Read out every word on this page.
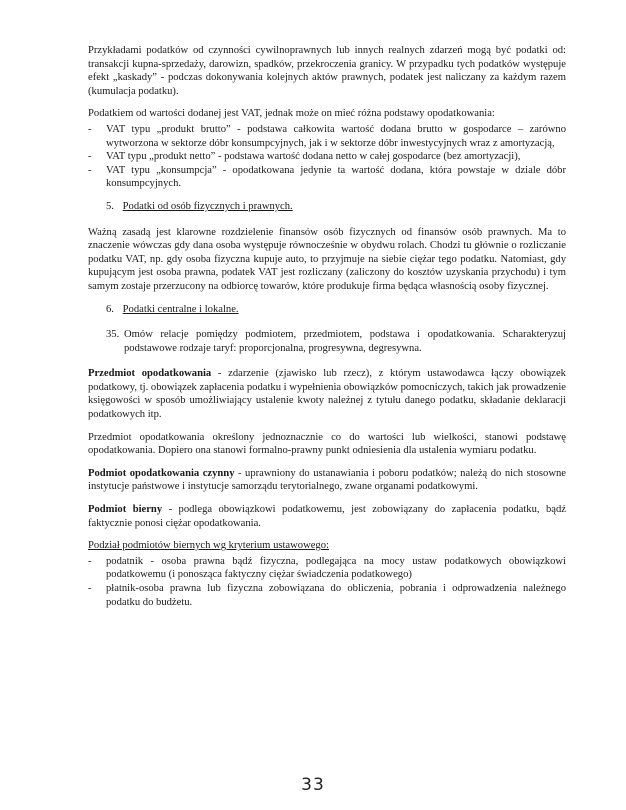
Przykładami podatków od czynności cywilnoprawnych lub innych realnych zdarzeń mogą być podatki od: transakcji kupna-sprzedaży, darowizn, spadków, przekroczenia granicy. W przypadku tych podatków występuje efekt „kaskady” - podczas dokonywania kolejnych aktów prawnych, podatek jest naliczany za każdym razem (kumulacja podatku).

Podatkiem od wartości dodanej jest VAT, jednak może on mieć różna podstawy opodatkowania:

- VAT typu „produkt brutto” - podstawa całkowita wartość dodana brutto w gospodarce – zarówno wytworzona w sektorze dóbr konsumpcyjnych, jak i w sektorze dóbr inwestycyjnych wraz z amortyzacją,
- VAT typu „produkt netto” - podstawa wartość dodana netto w całej gospodarce (bez amortyzacji),
- VAT typu „konsumpcja” - opodatkowana jedynie ta wartość dodana, która powstaje w dziale dóbr konsumpcyjnych.
5. Podatki od osób fizycznych i prawnych.

Ważną zasadą jest klarowne rozdzielenie finansów osób fizycznych od finansów osób prawnych. Ma to znaczenie wówczas gdy dana osoba występuje równocześnie w obydwu rolach. Chodzi tu głównie o rozliczanie podatku VAT, np. gdy osoba fizyczna kupuje auto, to przyjmuje na siebie ciężar tego podatku. Natomiast, gdy kupującym jest osoba prawna, podatek VAT jest rozliczany (zaliczony do kosztów uzyskania przychodu) i tym samym zostaje przerzucony na odbiorcę towarów, które produkuje firma będąca własnością osoby fizycznej.

6. Podatki centralne i lokalne.
35. Omów relacje pomiędzy podmiotem, przedmiotem, podstawa i opodatkowania. Scharakteryzuj podstawowe rodzaje taryf: proporcjonalna, progresywna, degresywna.

Przedmiot opodatkowania - zdarzenie (zjawisko lub rzecz), z którym ustawodawca łączy obowiązek podatkowy, tj. obowiązek zapłacenia podatku i wypełnienia obowiązków pomocniczych, takich jak prowadzenie księgowości w sposób umożliwiający ustalenie kwoty należnej z tytułu danego podatku, składanie deklaracji podatkowych itp.

Przedmiot opodatkowania określony jednoznacznie co do wartości lub wielkości, stanowi podstawę opodatkowania. Dopiero ona stanowi formalno-prawny punkt odniesienia dla ustalenia wymiaru podatku.

Podmiot opodatkowania czynny - uprawniony do ustanawiania i poboru podatków; należą do nich stosowne instytucje państwowe i instytucje samorządu terytorialnego, zwane organami podatkowymi.

Podmiot bierny - podlega obowiązkowi podatkowemu, jest zobowiązany do zapłacenia podatku, bądź faktycznie ponosi ciężar opodatkowania.

Podział podmiotów biernych wg kryterium ustawowego:

- podatnik - osoba prawna bądź fizyczna, podlegająca na mocy ustaw podatkowych obowiązkowi podatkowemu (i ponosząca faktyczny ciężar świadczenia podatkowego)
- płatnik-osoba prawna lub fizyczna zobowiązana do obliczenia, pobrania i odprowadzenia należnego podatku do budżetu.
33
